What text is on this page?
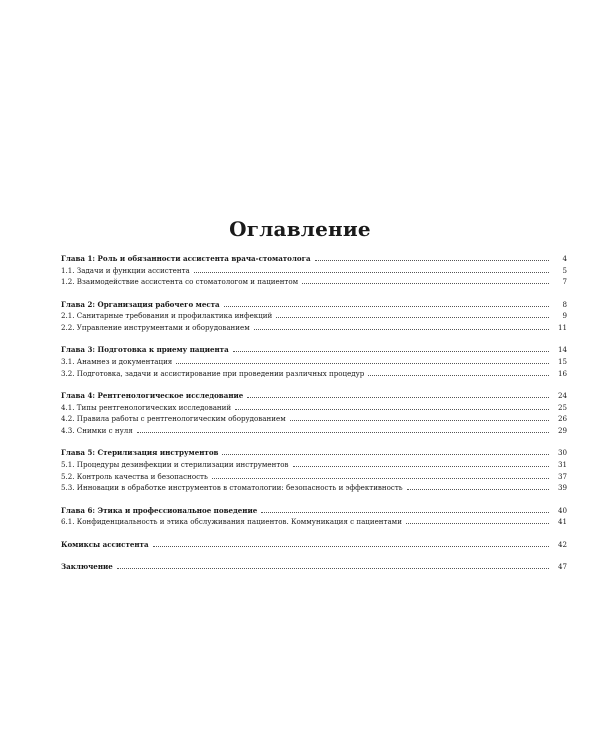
Оглавление
Глава 1: Роль и обязанности ассистента врача-стоматолога	4
1.1. Задачи и функции ассистента	5
1.2. Взаимодействие ассистента со стоматологом и пациентом	7
Глава 2: Организация рабочего места	8
2.1. Санитарные требования и профилактика инфекций	9
2.2. Управление инструментами и оборудованием	11
Глава 3: Подготовка к приему пациента	14
3.1. Анамнез и документация	15
3.2. Подготовка, задачи и ассистирование при проведении различных процедур	16
Глава 4: Рентгенологическое исследование	24
4.1. Типы рентгенологических исследований	25
4.2. Правила работы с рентгенологическим оборудованием	26
4.3. Снимки с нуля	29
Глава 5: Стерилизация инструментов	30
5.1. Процедуры дезинфекции и стерилизации инструментов	31
5.2. Контроль качества и безопасность	37
5.3. Инновации в обработке инструментов в стоматологии: безопасность и эффективность	39
Глава 6: Этика и профессиональное поведение	40
6.1. Конфиденциальность и этика обслуживания пациентов. Коммуникация с пациентами	41
Комиксы ассистента	42
Заключение	47
